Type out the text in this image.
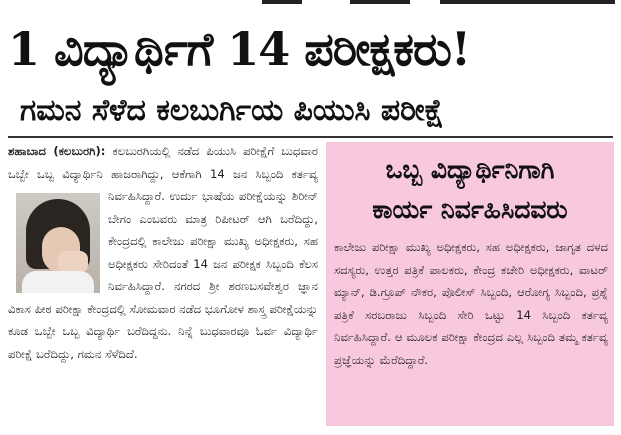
1 ವಿದ್ಯಾರ್ಥಿಗೆ 14 ಪರೀಕ್ಷಕರು!
ಗಮನ ಸೆಳೆದ ಕಲಬುರ್ಗಿಯ ಪಿಯುಸಿ ಪರೀಕ್ಷೆ
ಶಹಾಬಾದ (ಕಲಬುರಗಿ): ಕಲಬುರಗಿಯಲ್ಲಿ ನಡೆದ ಪಿಯುಸಿ ಪರೀಕ್ಷೆಗೆ ಬುಧವಾರ ಒಬ್ಬೇ ಒಬ್ಬ ವಿದ್ಯಾರ್ಥಿನಿ ಹಾಜರಾಗಿದ್ದು, ಆಕೆಗಾಗಿ 14 ಜನ ಸಿಬ್ಬಂದಿ ಕರ್ತವ್ಯ ನಿರ್ವಹಿಸಿದ್ದಾರೆ. ಉರ್ದು ಭಾಷೆಯ ಪರೀಕ್ಷೆಯನ್ನು ಶಿರೀನ್ ಬೇಗಂ ಎಂಬವರು ಮಾತ್ರ ರಿಪೀಟರ್ ಆಗಿ ಬರೆದಿದ್ದು, ಕೇಂದ್ರದಲ್ಲಿ ಕಾಲೇಜು ಪರೀಕ್ಷಾ ಮುಖ್ಯ ಅಧೀಕ್ಷಕರು, ಸಹ ಅಧೀಕ್ಷಕರು ಸೇರಿದಂತೆ 14 ಜನ ಪರೀಕ್ಷಕ ಸಿಬ್ಬಂದಿ ಕೆಲಸ ನಿರ್ವಹಿಸಿದ್ದಾರೆ. ನಗರದ ಶ್ರೀ ಶರಣಬಸವೇಶ್ವರ ಜ್ಞಾನ ವಿಕಾಸ ಪೀಠ ಪರೀಕ್ಷಾ ಕೇಂದ್ರದಲ್ಲಿ ಸೋಮವಾರ ನಡೆದ ಭೂಗೋಳ ಶಾಸ್ತ್ರ ಪರೀಕ್ಷೆಯನ್ನು ಕೂಡ ಒಬ್ಬೇ ಒಬ್ಬ ವಿದ್ಯಾರ್ಥಿ ಬರೆದಿದ್ದನು. ನಿನ್ನೆ ಬುಧವಾರವೂ ಓರ್ವ ವಿದ್ಯಾರ್ಥಿ ಪರೀಕ್ಷೆ ಬರೆದಿದ್ದು, ಗಮನ ಸೆಳೆದಿದೆ.
ಒಬ್ಬ ವಿದ್ಯಾರ್ಥಿನಿಗಾಗಿ
ಕಾರ್ಯ ನಿರ್ವಹಿಸಿದವರು
ಕಾಲೇಜು ಪರೀಕ್ಷಾ ಮುಖ್ಯ ಅಧೀಕ್ಷಕರು, ಸಹ ಅಧೀಕ್ಷಕರು, ಜಾಗೃತ ದಳದ ಸದಸ್ಯರು, ಉತ್ತರ ಪತ್ರಿಕೆ ಪಾಲಕರು, ಕೇಂದ್ರ ಕಚೇರಿ ಅಧೀಕ್ಷಕರು, ವಾಟರ್ ಮ್ಯಾನ್, ಡಿ.ಗ್ರೂಪ್ ನೌಕರ, ಪೊಲೀಸ್ ಸಿಬ್ಬಂದಿ, ಆರೋಗ್ಯ ಸಿಬ್ಬಂದಿ, ಪ್ರಶ್ನೆ ಪತ್ರಿಕೆ ಸರಬರಾಜು ಸಿಬ್ಬಂದಿ ಸೇರಿ ಒಟ್ಟು 14 ಸಿಬ್ಬಂದಿ ಕರ್ತವ್ಯ ನಿರ್ವಹಿಸಿದ್ದಾರೆ. ಆ ಮೂಲಕ ಪರೀಕ್ಷಾ ಕೇಂದ್ರದ ಎಲ್ಲ ಸಿಬ್ಬಂದಿ ತಮ್ಮ ಕರ್ತವ್ಯ ಪ್ರಜ್ಞೆಯನ್ನು ಮೆರೆದಿದ್ದಾರೆ.
